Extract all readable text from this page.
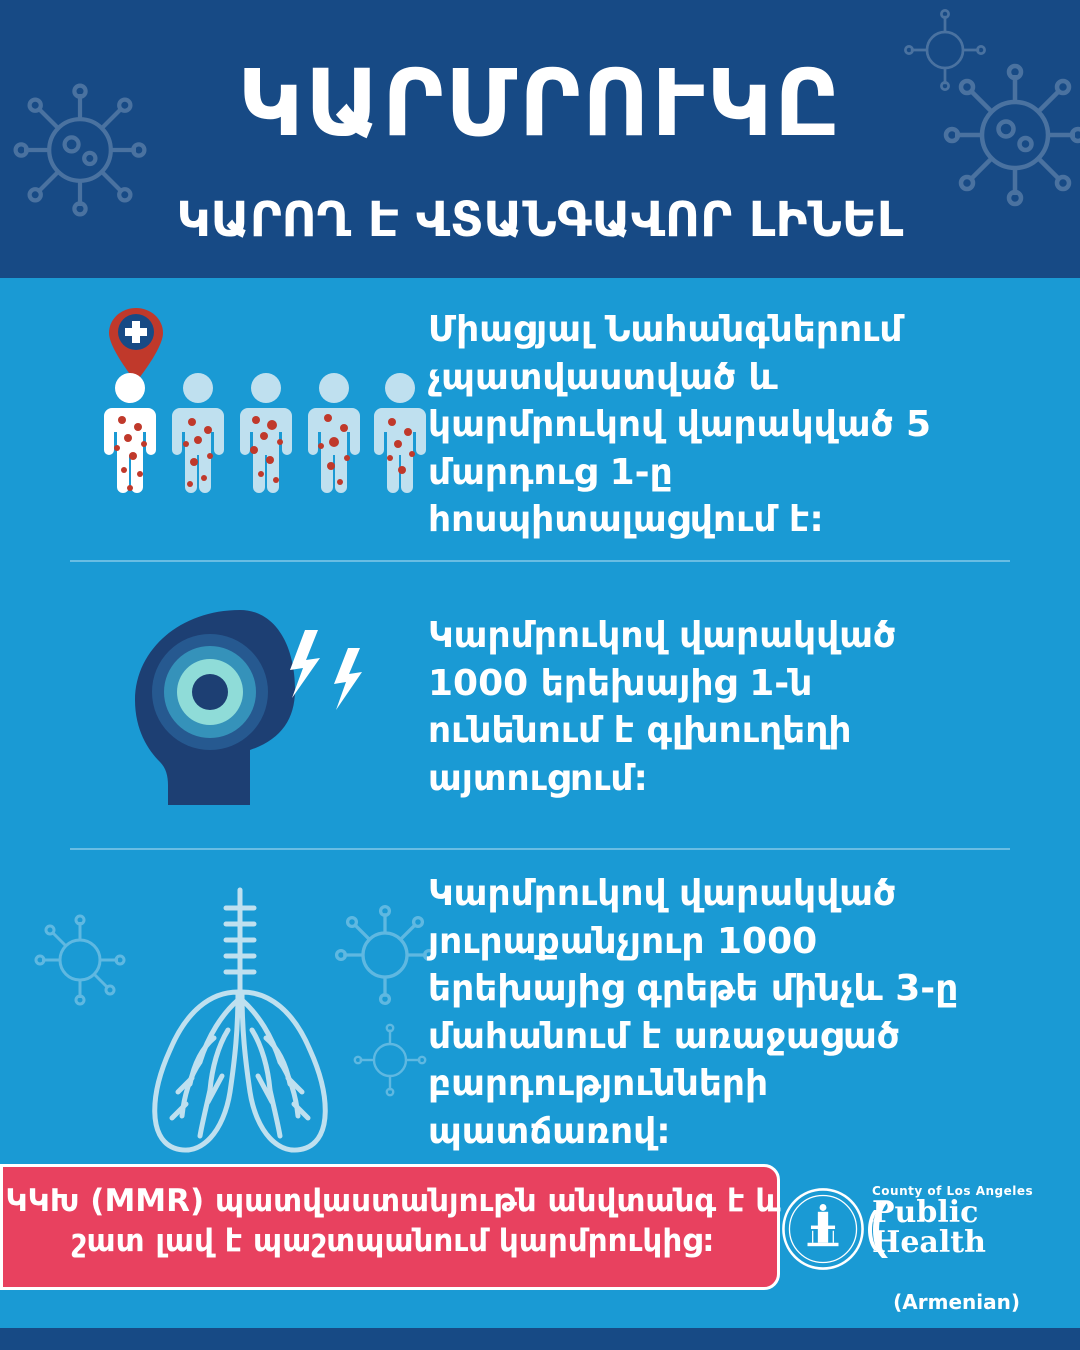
ԿԱՐՄՐՈՒԿԸ
ԿԱՐՈՂ Է ՎՏԱՆԳԱՎՈՐ ԼԻՆԵԼ
Միացյալ Նահանգներում չպատվաստված և կարմրուկով վարակված 5 մարդուց 1-ը հոսպիտալացվում է:
Կարմրուկով վարակված 1000 երեխայից 1-ն ունենում է գլխուղեղի այտուցում:
Կարմրուկով վարակված յուրաքանչյուր 1000 երեխայից գրեթե մինչև 3-ը մահանում է առաջացած բարդությունների պատճառով:
ԿԿԽ (MMR) պատվաստանյութն անվտանգ է և շատ լավ է պաշտպանում կարմրուկից:
County of Los Angeles
Public Health
(Armenian)
